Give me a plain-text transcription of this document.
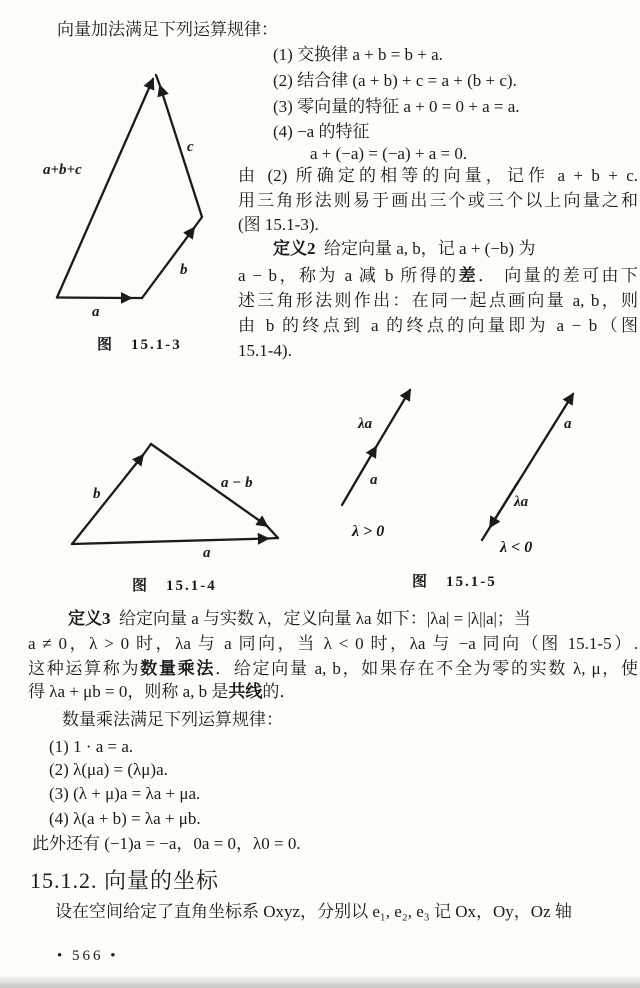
向量加法满足下列运算规律：
(1) 交换律 a + b = b + a.
(2) 结合律 (a + b) + c = a + (b + c).
(3) 零向量的特征 a + 0 = 0 + a = a.
(4) −a 的特征
a + (−a) = (−a) + a = 0.
由 (2) 所确定的相等的向量，记作 a + b + c.
用三角形法则易于画出三个或三个以上向量之和
(图 15.1-3).
定义2  给定向量 a, b，记 a + (−b) 为
a − b，称为 a 减 b 所得的差． 向量的差可由下
述三角形法则作出：在同一起点画向量 a, b，则
由 b 的终点到 a 的终点的向量即为 a − b（图
15.1-4).
a+b+c
c
b
a
图　15.1-3
b
a − b
a
图　15.1-4
λa
a
λ > 0
a
λa
λ < 0
图　15.1-5
定义3  给定向量 a 与实数 λ，定义向量 λa 如下：|λa| = |λ||a|；当
a ≠ 0，λ > 0 时，λa 与 a 同向，当 λ < 0 时，λa 与 −a 同向（图 15.1-5）.
这种运算称为数量乘法．给定向量 a, b，如果存在不全为零的实数 λ, μ，使
得 λa + μb = 0，则称 a, b 是共线的．
数量乘法满足下列运算规律：
(1) 1 · a = a.
(2) λ(μa) = (λμ)a.
(3) (λ + μ)a = λa + μa.
(4) λ(a + b) = λa + μb.
此外还有 (−1)a = −a，0a = 0，λ0 = 0.
15.1.2. 向量的坐标
设在空间给定了直角坐标系 Oxyz，分别以 e₁, e₂, e₃ 记 Ox，Oy，Oz 轴
• 566 •
